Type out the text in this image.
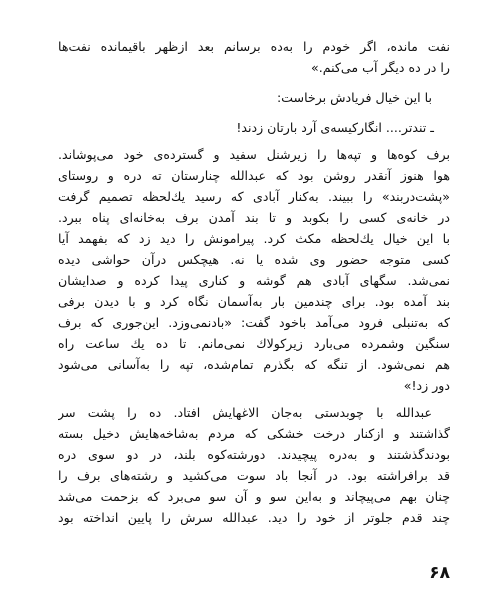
نفت مانده، اگر خودم را به‌ده برسانم بعد ازظهر باقیمانده نفت‌ها
را در ده دیگر آب می‌کنم.»
با این خیال فریادش برخاست:
ـ تندتر.... انگارکیسه‌ی آرد بارتان زدند!
برف کوه‌ها و تپه‌ها را زیرشنل سفید و گسترده‌ی خود می‌پوشاند.
هوا هنوز آنقدر روشن بود که عبدالله چنارستان ته دره و روستای
«پشت‌دربند» را ببیند. به‌کنار آبادی که رسید یك‌لحظه تصمیم گرفت
در خانه‌ی کسی را بکوبد و تا بند آمدن برف به‌خانه‌ای پناه ببرد.
با این خیال یك‌لحظه مکث کرد. پیرامونش را دید زد که بفهمد آیا
کسی متوجه حضور وی شده یا نه. هیچکس درآن حواشی دیده
نمی‌شد. سگهای آبادی هم گوشه و کناری پیدا کرده و صدایشان
بند آمده بود. برای چندمین بار به‌آسمان نگاه کرد و با دیدن برفی
که به‌تنبلی فرود می‌آمد باخود گفت: «بادنمی‌وزد. این‌جوری که برف
سنگین وشمرده می‌بارد زیرکولاك نمی‌مانم. تا ده یك ساعت راه
هم نمی‌شود. از تنگه که بگذرم تمام‌شده، تپه را به‌آسانی می‌شود
دور زد!»
عبدالله با چوبدستی به‌جان الاغهایش افتاد. ده را پشت سر
گذاشتند و ازکنار درخت خشکی که مردم به‌شاخه‌هایش دخیل بسته
بودندگذشتند و به‌دره پیچیدند. دورشته‌کوه بلند، در دو سوی دره
قد برافراشته بود. در آنجا باد سوت می‌کشید و رشته‌های برف را
چنان بهم می‌پیچاند و به‌این سو و آن سو می‌برد که بزحمت می‌شد
چند قدم جلوتر از خود را دید. عبدالله سرش را پایین انداخته بود
۶۸
